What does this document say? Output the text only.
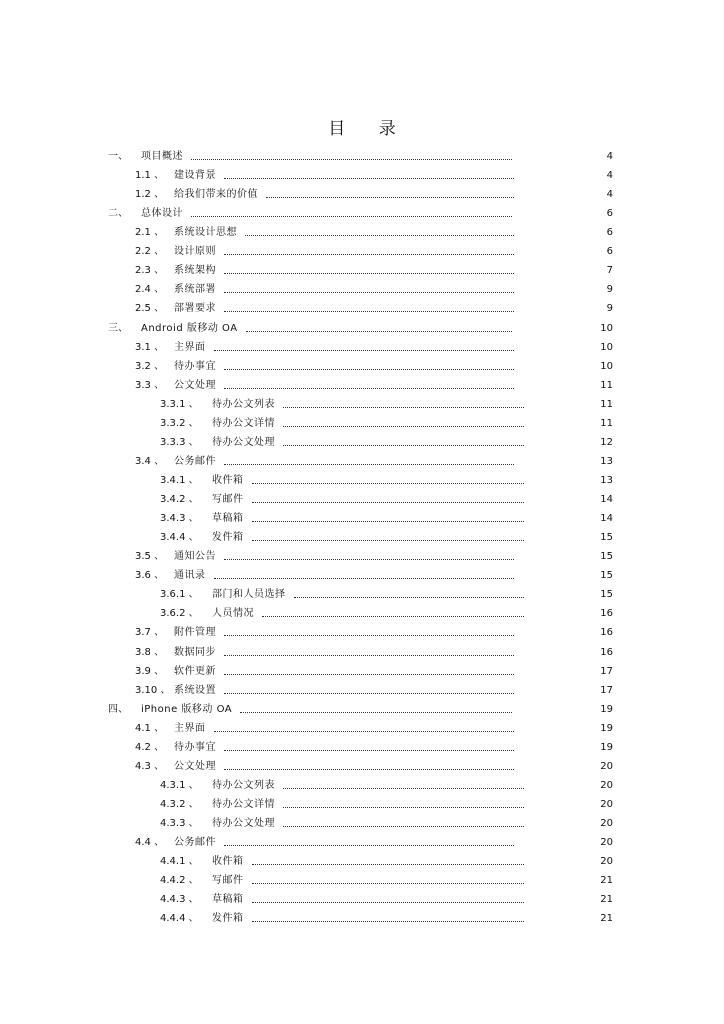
目 录
一、 项目概述	4
1.1 、 建设背景	4
1.2 、 给我们带来的价值	4
二、 总体设计	6
2.1 、 系统设计思想	6
2.2 、 设计原则	6
2.3 、 系统架构	7
2.4 、 系统部署	9
2.5 、 部署要求	9
三、 Android 版移动 OA	10
3.1 、 主界面	10
3.2 、 待办事宜	10
3.3 、 公文处理	11
3.3.1 、 待办公文列表	11
3.3.2 、 待办公文详情	11
3.3.3 、 待办公文处理	12
3.4 、 公务邮件	13
3.4.1 、 收件箱	13
3.4.2 、 写邮件	14
3.4.3 、 草稿箱	14
3.4.4 、 发件箱	15
3.5 、 通知公告	15
3.6 、 通讯录	15
3.6.1 、 部门和人员选择	15
3.6.2 、 人员情况	16
3.7 、 附件管理	16
3.8 、 数据同步	16
3.9 、 软件更新	17
3.10 、 系统设置	17
四、 iPhone 版移动 OA	19
4.1 、 主界面	19
4.2 、 待办事宜	19
4.3 、 公文处理	20
4.3.1 、 待办公文列表	20
4.3.2 、 待办公文详情	20
4.3.3 、 待办公文处理	20
4.4 、 公务邮件	20
4.4.1 、 收件箱	20
4.4.2 、 写邮件	21
4.4.3 、 草稿箱	21
4.4.4 、 发件箱	21
